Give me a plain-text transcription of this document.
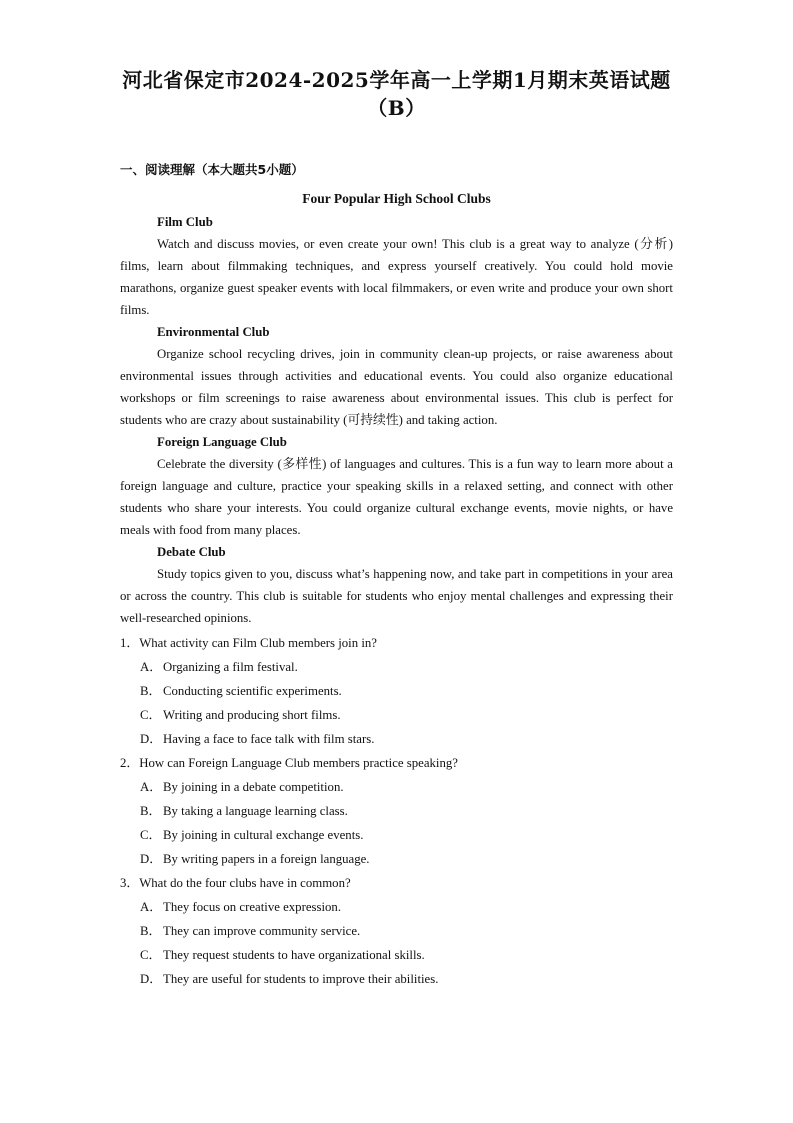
河北省保定市2024-2025学年高一上学期1月期末英语试题（B）
一、阅读理解（本大题共5小题）
Four Popular High School Clubs
Film Club

Watch and discuss movies, or even create your own! This club is a great way to analyze (分析) films, learn about filmmaking techniques, and express yourself creatively. You could hold movie marathons, organize guest speaker events with local filmmakers, or even write and produce your own short films.

Environmental Club

Organize school recycling drives, join in community clean-up projects, or raise awareness about environmental issues through activities and educational events. You could also organize educational workshops or film screenings to raise awareness about environmental issues. This club is perfect for students who are crazy about sustainability (可持续性) and taking action.

Foreign Language Club

Celebrate the diversity (多样性) of languages and cultures. This is a fun way to learn more about a foreign language and culture, practice your speaking skills in a relaxed setting, and connect with other students who share your interests. You could organize cultural exchange events, movie nights, or have meals with food from many places.

Debate Club

Study topics given to you, discuss what’s happening now, and take part in competitions in your area or across the country. This club is suitable for students who enjoy mental challenges and expressing their well-researched opinions.

1．What activity can Film Club members join in?
A．Organizing a film festival.
B． Conducting scientific experiments.
C． Writing and producing short films.
D．Having a face to face talk with film stars.
2．How can Foreign Language Club members practice speaking?
A．By joining in a debate competition.
B． By taking a language learning class.
C． By joining in cultural exchange events.
D．By writing papers in a foreign language.
3．What do the four clubs have in common?
A．They focus on creative expression.
B． They can improve community service.
C． They request students to have organizational skills.
D．They are useful for students to improve their abilities.
